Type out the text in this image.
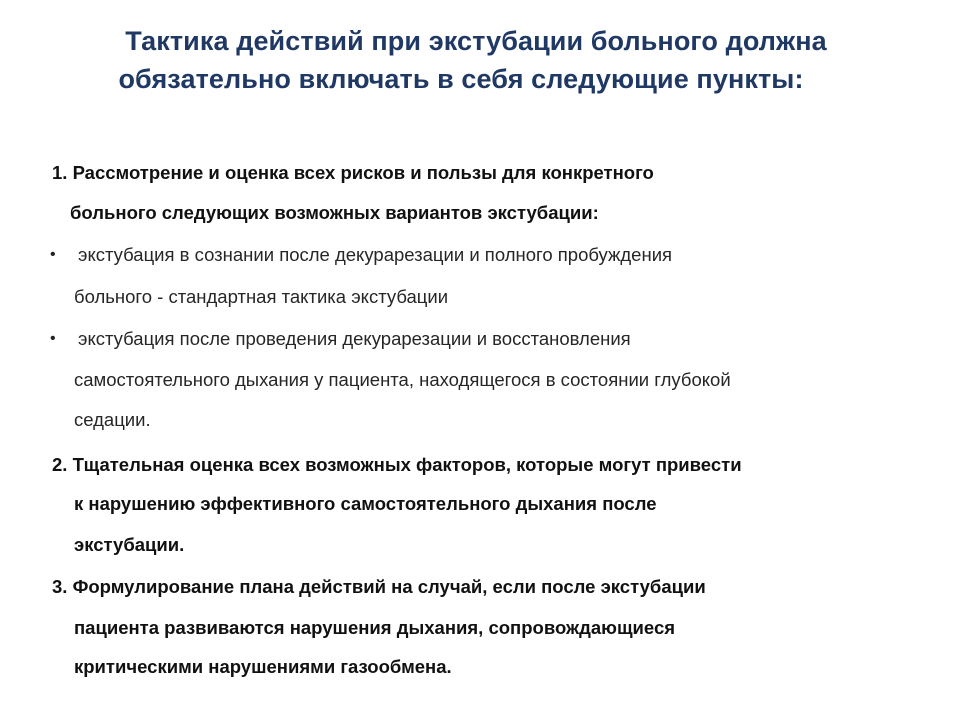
Тактика действий при экстубации больного должна
обязательно включать в себя следующие пункты:
1. Рассмотрение и оценка всех рисков и пользы для конкретного
больного следующих возможных вариантов экстубации:
• экстубация в сознании после декурарезации и полного пробуждения
больного - стандартная тактика экстубации
• экстубация после проведения декурарезации и восстановления
самостоятельного дыхания у пациента, находящегося в состоянии глубокой
седации.
2. Тщательная оценка всех возможных факторов, которые могут привести
к нарушению эффективного самостоятельного дыхания после
экстубации.
3. Формулирование плана действий на случай, если после экстубации
пациента развиваются нарушения дыхания, сопровождающиеся
критическими нарушениями газообмена.
